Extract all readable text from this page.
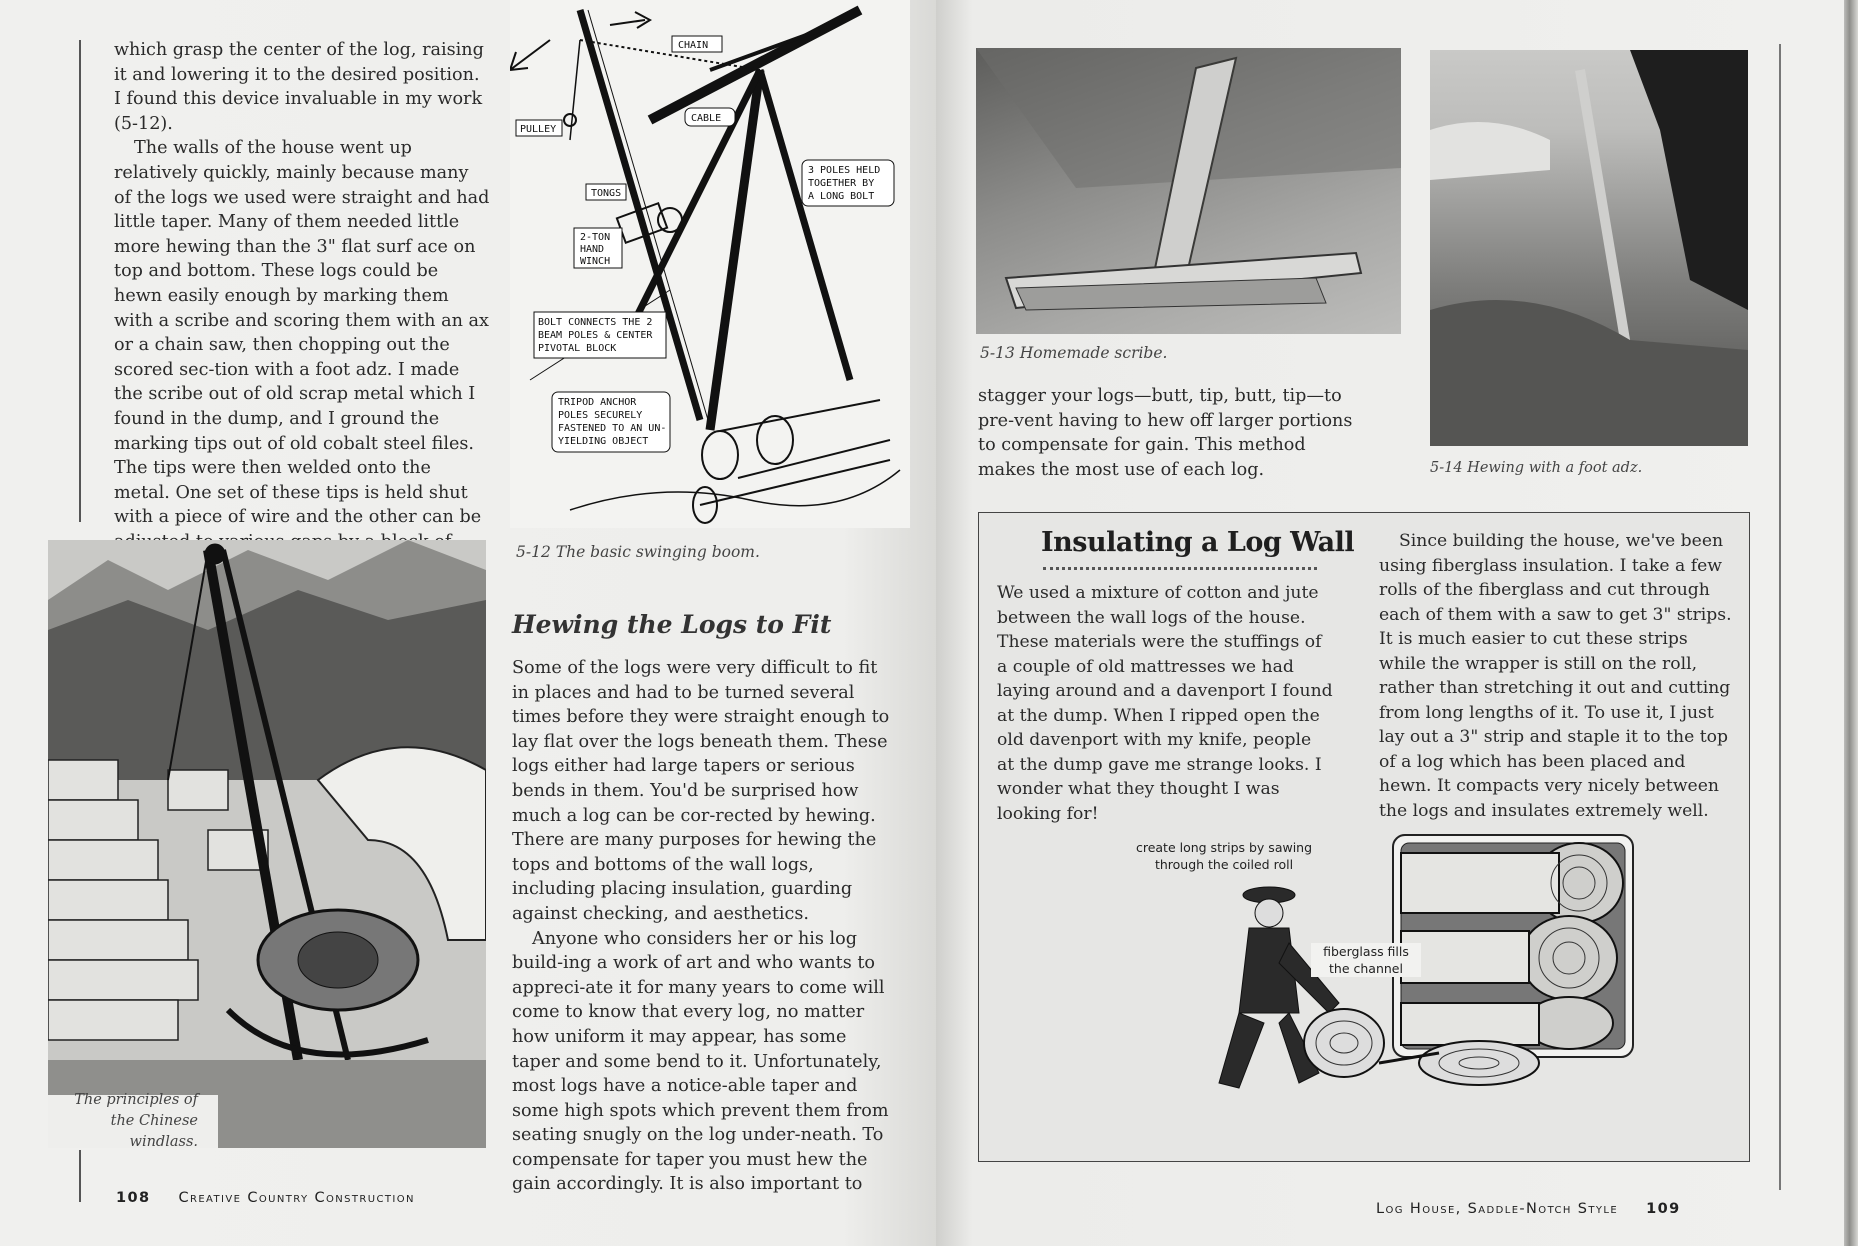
which grasp the center of the log, raising it and lowering it to the desired position. I found this device invaluable in my work (5-12).

The walls of the house went up relatively quickly, mainly because many of the logs we used were straight and had little taper. Many of them needed little more hewing than the 3" flat surf ace on top and bottom. These logs could be hewn easily enough by marking them with a scribe and scoring them with an ax or a chain saw, then chopping out the scored sec-tion with a foot adz. I made the scribe out of old scrap metal which I found in the dump, and I ground the marking tips out of old cobalt steel files. The tips were then welded onto the metal. One set of these tips is held shut with a piece of wire and the other can be

CHAIN
CABLE
PULLEY
TONGS
2-TON
HAND
WINCH
3 POLES HELD
TOGETHER BY
A LONG BOLT
BOLT CONNECTS THE 2
BEAM POLES & CENTER
PIVOTAL BLOCK
TRIPOD ANCHOR
POLES SECURELY
FASTENED TO AN UN-
YIELDING OBJECT
5-12 The basic swinging boom.
The principles of
the Chinese windlass.
Hewing the Logs to Fit

Some of the logs were very difficult to fit in places and had to be turned several times before they were straight enough to lay flat over the logs beneath them. These logs either had large tapers or serious bends in them. You'd be surprised how much a log can be cor-rected by hewing. There are many purposes for hewing the tops and bottoms of the wall logs, including placing insulation, guarding against checking, and aesthetics.

Anyone who considers her or his log build-ing a work of art and who wants to appreci-ate it for many years to come will come to know that every log, no matter how uniform it may appear, has some taper and some bend to it. Unfortunately, most logs have a notice-able taper and some high spots which prevent them from seating snugly on the log under-neath. To compensate for taper you must hew the gain accordingly. It is also important to

108 Creative Country Construction
5-13 Homemade scribe.
5-14 Hewing with a foot adz.
stagger your logs—butt, tip, butt, tip—to pre-vent having to hew off larger portions to compensate for gain. This method makes the most use of each log.
Log House, Saddle-Notch Style 109
Insulating a Log Wall

We used a mixture of cotton and jute between the wall logs of the house. These materials were the stuffings of a couple of old mattresses we had laying around and a davenport I found at the dump. When I ripped open the old davenport with my knife, people at the dump gave me strange looks. I wonder what they thought I was looking for!

Since building the house, we've been using fiberglass insulation. I take a few rolls of the fiberglass and cut through each of them with a saw to get 3" strips. It is much easier to cut these strips while the wrapper is still on the roll, rather than stretching it out and cutting from long lengths of it. To use it, I just lay out a 3" strip and staple it to the top of a log which has been placed and hewn. It compacts very nicely between the logs and insulates extremely well.

create long strips by sawing
through the coiled roll
fiberglass fills
the channel
